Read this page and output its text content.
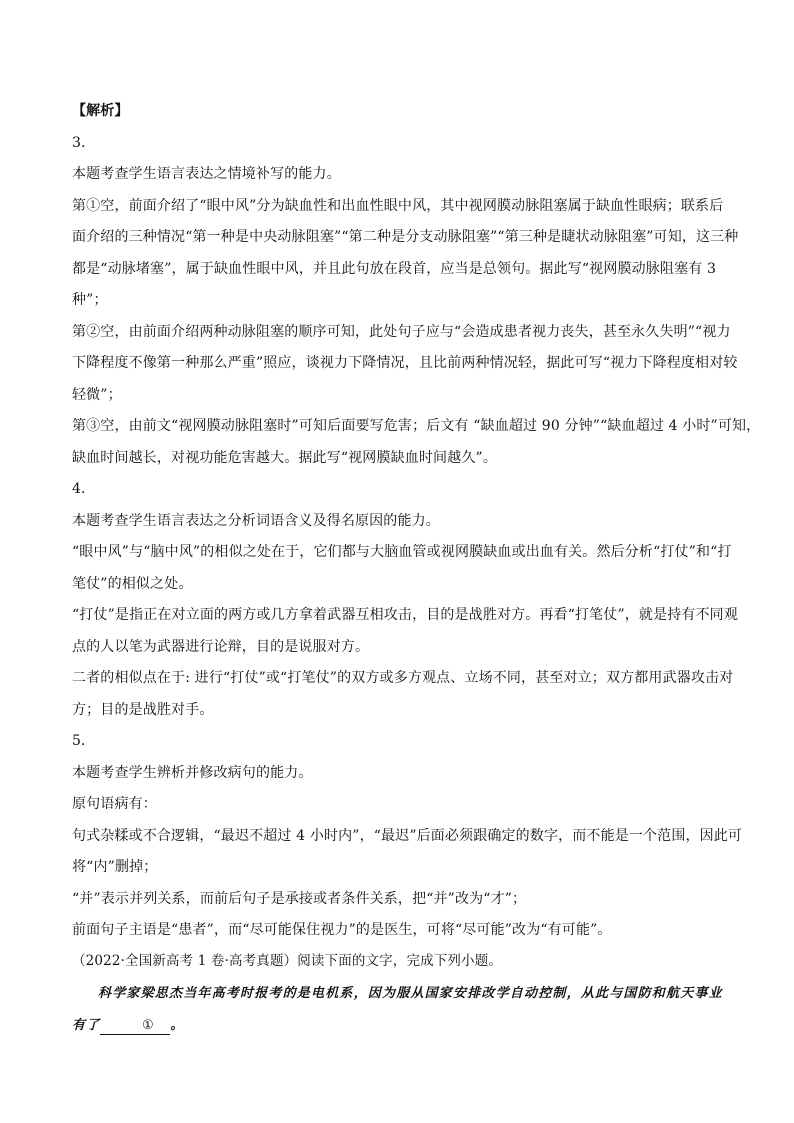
【解析】
3．
本题考查学生语言表达之情境补写的能力。
第①空，前面介绍了“眼中风”分为缺血性和出血性眼中风，其中视网膜动脉阻塞属于缺血性眼病；联系后
面介绍的三种情况“第一种是中央动脉阻塞”“第二种是分支动脉阻塞”“第三种是睫状动脉阻塞”可知，这三种
都是“动脉堵塞”，属于缺血性眼中风，并且此句放在段首，应当是总领句。据此写“视网膜动脉阻塞有 3
种”；
第②空，由前面介绍两种动脉阻塞的顺序可知，此处句子应与“会造成患者视力丧失，甚至永久失明”“视力
下降程度不像第一种那么严重”照应，谈视力下降情况，且比前两种情况轻，据此可写“视力下降程度相对较
轻微”；
第③空，由前文“视网膜动脉阻塞时”可知后面要写危害；后文有 “缺血超过 90 分钟”“缺血超过 4 小时”可知，
缺血时间越长，对视功能危害越大。据此写“视网膜缺血时间越久”。
4．
本题考查学生语言表达之分析词语含义及得名原因的能力。
“眼中风”与“脑中风”的相似之处在于，它们都与大脑血管或视网膜缺血或出血有关。然后分析“打仗”和“打
笔仗”的相似之处。
“打仗”是指正在对立面的两方或几方拿着武器互相攻击，目的是战胜对方。再看“打笔仗”，就是持有不同观
点的人以笔为武器进行论辩，目的是说服对方。
二者的相似点在于: 进行“打仗”或“打笔仗”的双方或多方观点、立场不同，甚至对立；双方都用武器攻击对
方；目的是战胜对手。
5．
本题考查学生辨析并修改病句的能力。
原句语病有：
句式杂糅或不合逻辑，“最迟不超过 4 小时内”，“最迟”后面必须跟确定的数字，而不能是一个范围，因此可
将“内”删掉；
“并”表示并列关系，而前后句子是承接或者条件关系，把“并”改为“才”；
前面句子主语是“患者”，而“尽可能保住视力”的是医生，可将“尽可能”改为“有可能”。
（2022·全国新高考 1 卷·高考真题）阅读下面的文字，完成下列小题。
科学家梁思杰当年高考时报考的是电机系，因为服从国家安排改学自动控制，从此与国防和航天事业有了	① 。
